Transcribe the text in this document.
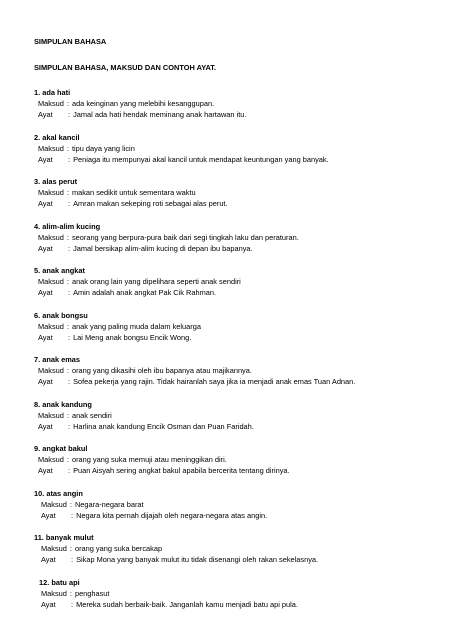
SIMPULAN BAHASA
SIMPULAN BAHASA, MAKSUD DAN CONTOH AYAT.
1. ada hati
Maksud : ada keinginan yang melebihi kesanggupan.
Ayat	: Jamal ada hati hendak meminang anak hartawan itu.
2. akal kancil
Maksud : tipu daya yang licin
Ayat	: Peniaga itu mempunyai akal kancil untuk mendapat keuntungan yang banyak.
3. alas perut
Maksud : makan sedikit untuk sementara waktu
Ayat	: Amran makan sekeping roti sebagai alas perut.
4. alim-alim kucing
Maksud : seorang yang berpura-pura baik dari segi tingkah laku dan peraturan.
Ayat	: Jamal bersikap alim-alim kucing di depan ibu bapanya.
5. anak angkat
Maksud : anak orang lain yang dipelihara seperti anak sendiri
Ayat	: Amin adalah anak angkat Pak Cik Rahman.
6. anak bongsu
Maksud : anak yang paling muda dalam keluarga
Ayat	: Lai Meng anak bongsu Encik Wong.
7. anak emas
Maksud : orang yang dikasihi oleh ibu bapanya atau majikannya.
Ayat	: Sofea pekerja yang rajin. Tidak hairanlah saya jika ia menjadi anak emas Tuan Adnan.
8. anak kandung
Maksud : anak sendiri
Ayat	: Harlina anak kandung Encik Osman dan Puan Faridah.
9. angkat bakul
Maksud : orang yang suka memuji atau meninggikan diri.
Ayat	: Puan Aisyah sering angkat bakul apabila bercerita tentang dirinya.
10. atas angin
Maksud : Negara-negara barat
Ayat	: Negara kita pernah dijajah oleh negara-negara atas angin.
11. banyak mulut
Maksud : orang yang suka bercakap
Ayat	: Sikap Mona yang banyak mulut itu tidak disenangi oleh rakan sekelasnya.
12. batu api
Maksud : penghasut
Ayat	: Mereka sudah berbaik-baik. Janganlah kamu menjadi batu api pula.
